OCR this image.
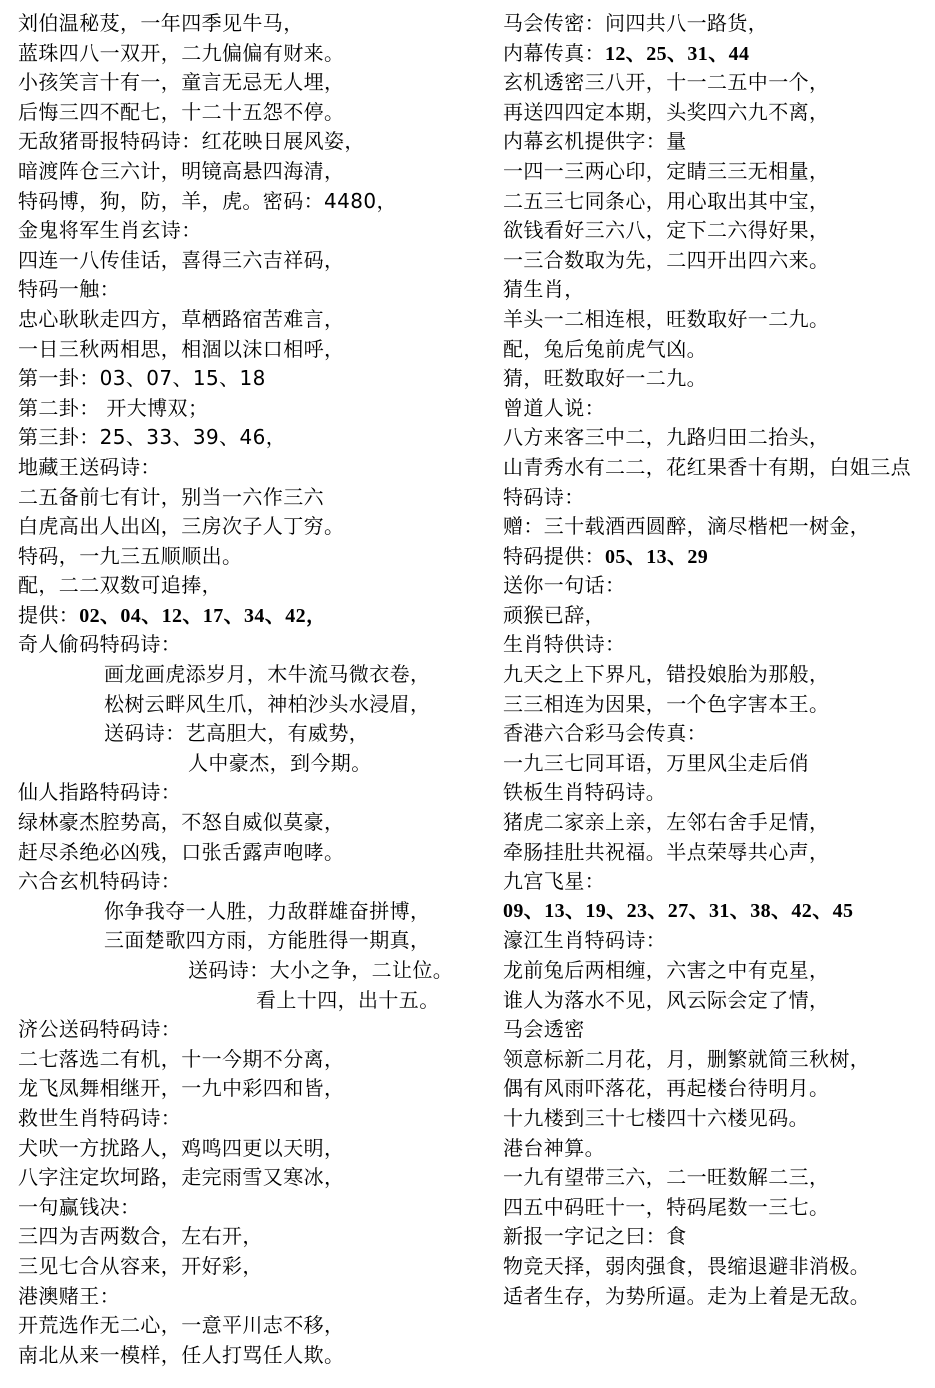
刘伯温秘芨，一年四季见牛马，
蓝珠四八一双开，二九偏偏有财来。
小孩笑言十有一，童言无忌无人埋，
后悔三四不配七，十二十五怨不停。
无敌猪哥报特码诗：红花映日展风姿，
暗渡阵仓三六计，明镜高悬四海清，
特码博，狗，防，羊，虎。密码：4480，
金鬼将军生肖玄诗：
四连一八传佳话，喜得三六吉祥码，
特码一触：
忠心耿耿走四方，草栖路宿苦难言，
一日三秋两相思，相涸以沫口相呼，
第一卦：03、07、15、18
第二卦： 开大博双；
第三卦：25、33、39、46，
地藏王送码诗：
二五备前七有计，别当一六作三六
白虎高出人出凶，三房次子人丁穷。
特码，一九三五顺顺出。
配，二二双数可追捧，
提供：02、04、12、17、34、42，
奇人偷码特码诗：
画龙画虎添岁月，木牛流马微衣卷，
松树云畔风生爪，神柏沙头水浸眉，
送码诗：艺高胆大，有威势，
人中豪杰，到今期。
仙人指路特码诗：
绿林豪杰腔势高，不怒自威似莫豪，
赶尽杀绝必凶残，口张舌露声咆哮。
六合玄机特码诗：
你争我夺一人胜，力敌群雄奋拼博，
三面楚歌四方雨，方能胜得一期真，
送码诗：大小之争，二让位。
看上十四，出十五。
济公送码特码诗：
二七落选二有机，十一今期不分离，
龙飞凤舞相继开，一九中彩四和皆，
救世生肖特码诗：
犬吠一方扰路人，鸡鸣四更以天明，
八字注定坎坷路，走完雨雪又寒冰，
一句赢钱决：
三四为吉两数合，左右开，
三见七合从容来，开好彩，
港澳赌王：
开荒选作无二心，一意平川志不移，
南北从来一模样，任人打骂任人欺。
马会传密：问四共八一路货，
内幕传真：12、25、31、44
玄机透密三八开，十一二五中一个，
再送四四定本期，头奖四六九不离，
内幕玄机提供字：量
一四一三两心印，定睛三三无相量，
二五三七同条心，用心取出其中宝，
欲钱看好三六八，定下二六得好果，
一三合数取为先，二四开出四六来。
猜生肖，
羊头一二相连根，旺数取好一二九。
配，兔后兔前虎气凶。
猜，旺数取好一二九。
曾道人说：
八方来客三中二，九路归田二抬头，
山青秀水有二二，花红果香十有期，白姐三点
特码诗：
赠：三十载酒西圆醉，滴尽楷杷一树金，
特码提供：05、13、29
送你一句话：
顽猴已辞，
生肖特供诗：
九天之上下界凡，错投娘胎为那般，
三三相连为因果，一个色字害本王。
香港六合彩马会传真：
一九三七同耳语，万里风尘走后俏
铁板生肖特码诗。
猪虎二家亲上亲，左邻右舍手足情，
牵肠挂肚共祝福。半点荣辱共心声，
九宫飞星：
09、13、19、23、27、31、38、42、45
濠江生肖特码诗：
龙前兔后两相缠，六害之中有克星，
谁人为落水不见，风云际会定了情，
马会透密
领意标新二月花，月，删繁就简三秋树，
偶有风雨吓落花，再起楼台待明月。
十九楼到三十七楼四十六楼见码。
港台神算。
一九有望带三六，二一旺数解二三，
四五中码旺十一，特码尾数一三七。
新报一字记之曰：食
物竞天择，弱肉强食，畏缩退避非消极。
适者生存，为势所逼。走为上着是无敌。
